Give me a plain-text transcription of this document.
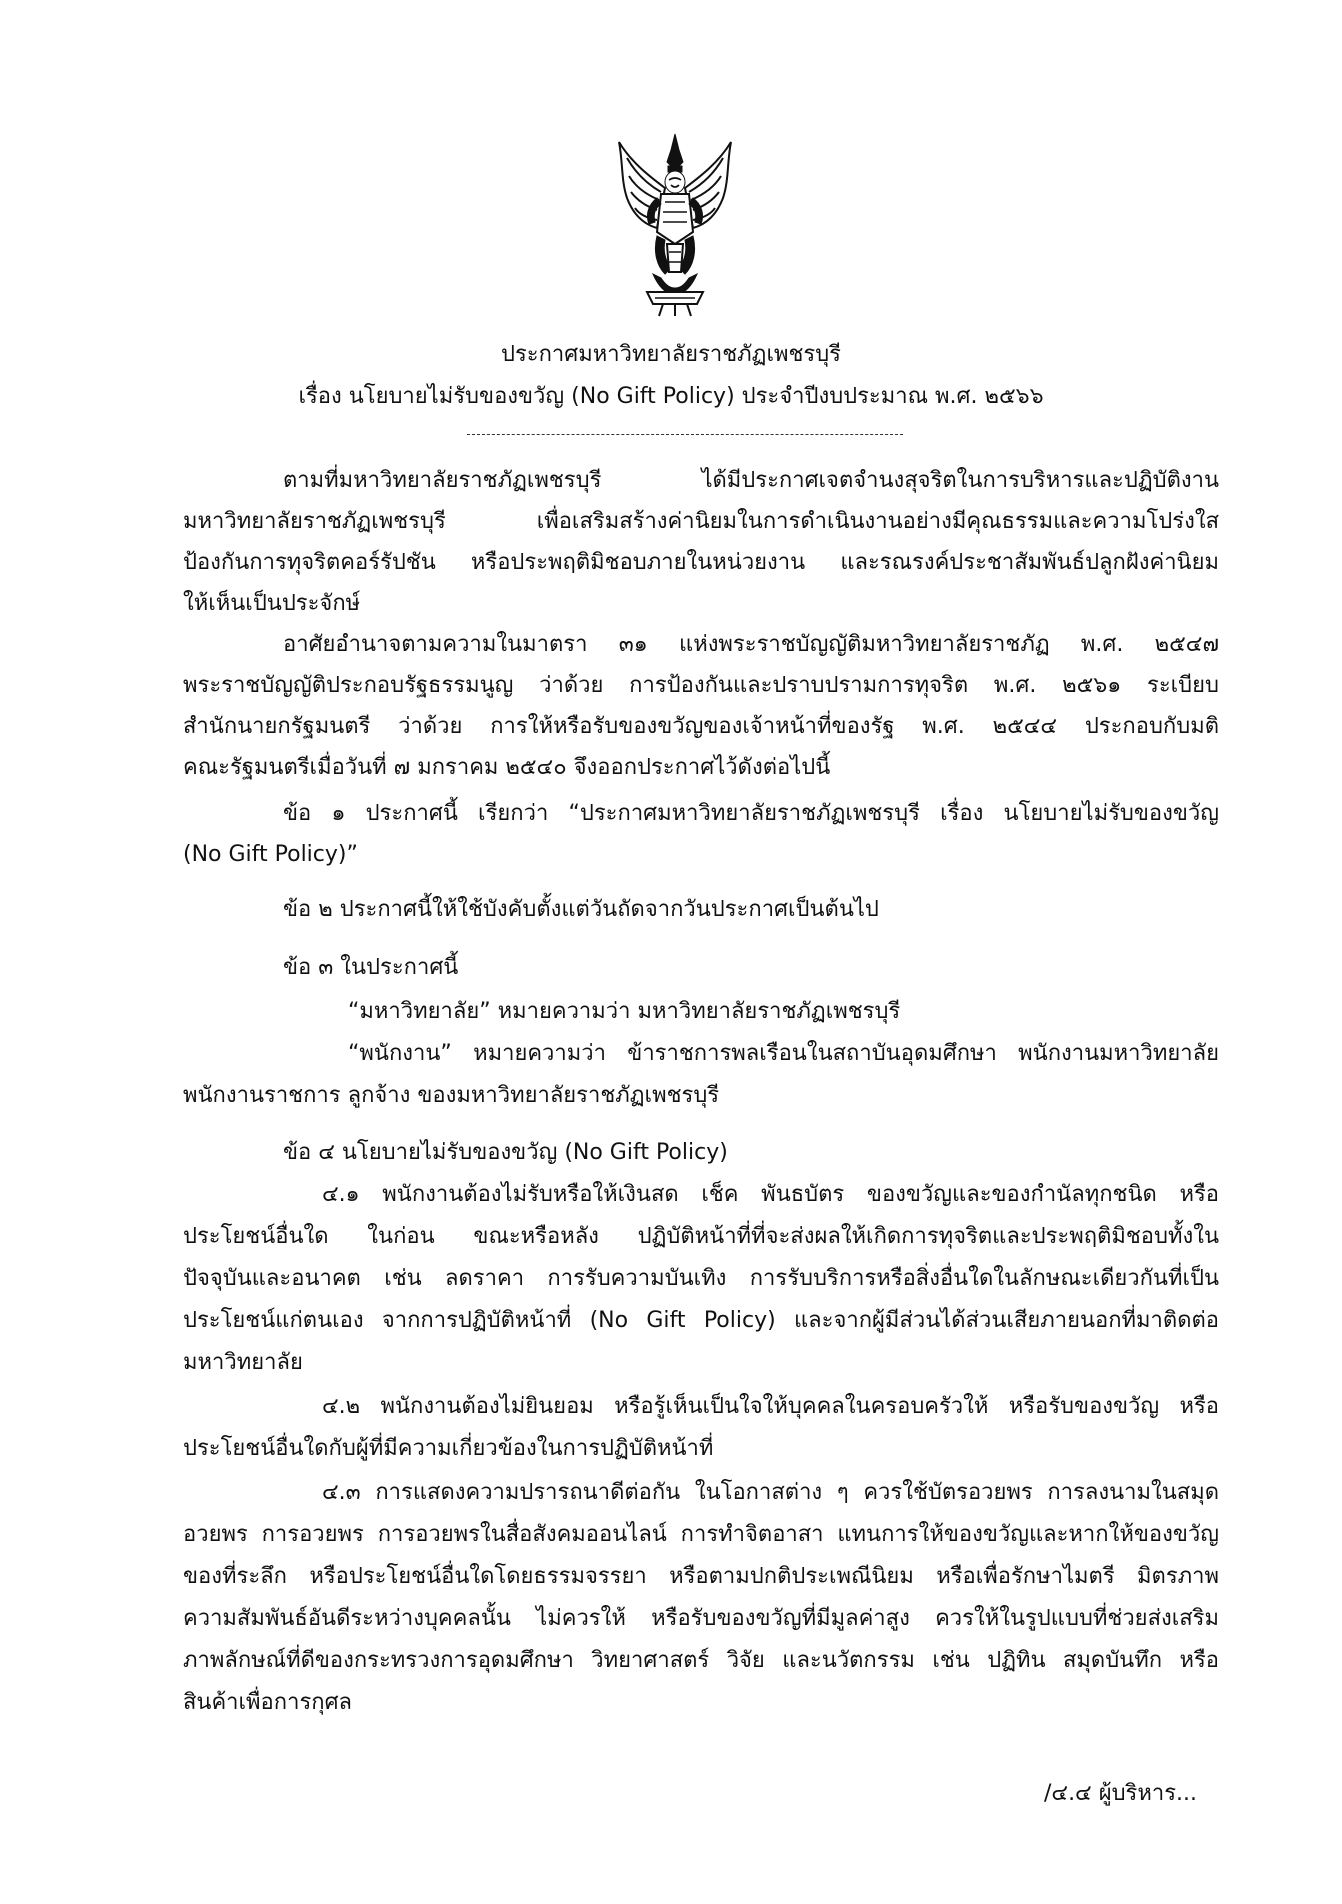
ประกาศมหาวิทยาลัยราชภัฏเพชรบุรี
เรื่อง นโยบายไม่รับของขวัญ (No Gift Policy) ประจำปีงบประมาณ พ.ศ. ๒๕๖๖
ตามที่มหาวิทยาลัยราชภัฏเพชรบุรี ได้มีประกาศเจตจำนงสุจริตในการบริหารและปฏิบัติงาน
มหาวิทยาลัยราชภัฏเพชรบุรี เพื่อเสริมสร้างค่านิยมในการดำเนินงานอย่างมีคุณธรรมและความโปร่งใส
ป้องกันการทุจริตคอร์รัปชัน หรือประพฤติมิชอบภายในหน่วยงาน และรณรงค์ประชาสัมพันธ์ปลูกฝังค่านิยม
ให้เห็นเป็นประจักษ์
อาศัยอำนาจตามความในมาตรา ๓๑ แห่งพระราชบัญญัติมหาวิทยาลัยราชภัฏ พ.ศ. ๒๕๔๗
พระราชบัญญัติประกอบรัฐธรรมนูญ ว่าด้วย การป้องกันและปราบปรามการทุจริต พ.ศ. ๒๕๖๑ ระเบียบ
สำนักนายกรัฐมนตรี ว่าด้วย การให้หรือรับของขวัญของเจ้าหน้าที่ของรัฐ พ.ศ. ๒๕๔๔ ประกอบกับมติ
คณะรัฐมนตรีเมื่อวันที่ ๗ มกราคม ๒๕๔๐ จึงออกประกาศไว้ดังต่อไปนี้
ข้อ ๑ ประกาศนี้ เรียกว่า “ประกาศมหาวิทยาลัยราชภัฏเพชรบุรี เรื่อง นโยบายไม่รับของขวัญ
(No Gift Policy)”
ข้อ ๒ ประกาศนี้ให้ใช้บังคับตั้งแต่วันถัดจากวันประกาศเป็นต้นไป
ข้อ ๓ ในประกาศนี้
“มหาวิทยาลัย” หมายความว่า มหาวิทยาลัยราชภัฏเพชรบุรี
“พนักงาน” หมายความว่า ข้าราชการพลเรือนในสถาบันอุดมศึกษา พนักงานมหาวิทยาลัย
พนักงานราชการ ลูกจ้าง ของมหาวิทยาลัยราชภัฏเพชรบุรี
ข้อ ๔ นโยบายไม่รับของขวัญ (No Gift Policy)
๔.๑ พนักงานต้องไม่รับหรือให้เงินสด เช็ค พันธบัตร ของขวัญและของกำนัลทุกชนิด หรือ
ประโยชน์อื่นใด ในก่อน ขณะหรือหลัง ปฏิบัติหน้าที่ที่จะส่งผลให้เกิดการทุจริตและประพฤติมิชอบทั้งใน
ปัจจุบันและอนาคต เช่น ลดราคา การรับความบันเทิง การรับบริการหรือสิ่งอื่นใดในลักษณะเดียวกันที่เป็น
ประโยชน์แก่ตนเอง จากการปฏิบัติหน้าที่ (No Gift Policy) และจากผู้มีส่วนได้ส่วนเสียภายนอกที่มาติดต่อ
มหาวิทยาลัย
๔.๒ พนักงานต้องไม่ยินยอม หรือรู้เห็นเป็นใจให้บุคคลในครอบครัวให้ หรือรับของขวัญ หรือ
ประโยชน์อื่นใดกับผู้ที่มีความเกี่ยวข้องในการปฏิบัติหน้าที่
๔.๓ การแสดงความปรารถนาดีต่อกัน ในโอกาสต่าง ๆ ควรใช้บัตรอวยพร การลงนามในสมุด
อวยพร การอวยพร การอวยพรในสื่อสังคมออนไลน์ การทำจิตอาสา แทนการให้ของขวัญและหากให้ของขวัญ
ของที่ระลึก หรือประโยชน์อื่นใดโดยธรรมจรรยา หรือตามปกติประเพณีนิยม หรือเพื่อรักษาไมตรี มิตรภาพ
ความสัมพันธ์อันดีระหว่างบุคคลนั้น ไม่ควรให้ หรือรับของขวัญที่มีมูลค่าสูง ควรให้ในรูปแบบที่ช่วยส่งเสริม
ภาพลักษณ์ที่ดีของกระทรวงการอุดมศึกษา วิทยาศาสตร์ วิจัย และนวัตกรรม เช่น ปฏิทิน สมุดบันทึก หรือ
สินค้าเพื่อการกุศล
/๔.๔ ผู้บริหาร...
